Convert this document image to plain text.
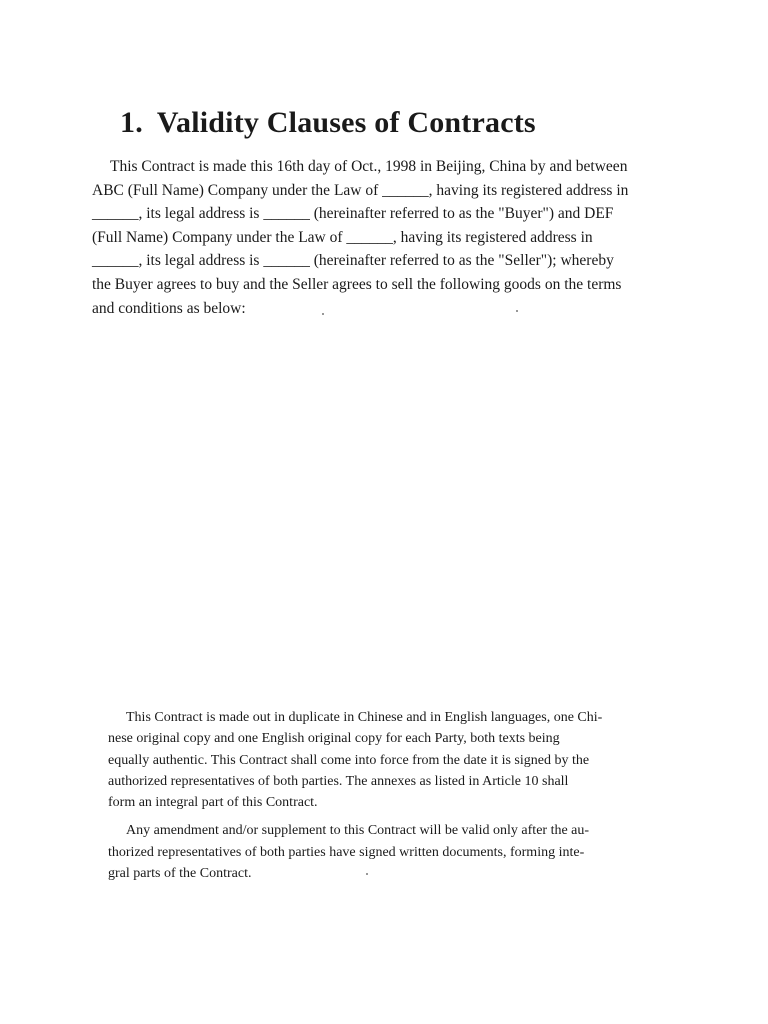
1. Validity Clauses of Contracts
This Contract is made this 16th day of Oct., 1998 in Beijing, China by and between
ABC (Full Name) Company under the Law of ______, having its registered address in
______, its legal address is ______ (hereinafter referred to as the "Buyer") and DEF
(Full Name) Company under the Law of ______, having its registered address in
______, its legal address is ______ (hereinafter referred to as the "Seller"); whereby
the Buyer agrees to buy and the Seller agrees to sell the following goods on the terms
and conditions as below:
This Contract is made out in duplicate in Chinese and in English languages, one Chi-
nese original copy and one English original copy for each Party, both texts being
equally authentic. This Contract shall come into force from the date it is signed by the
authorized representatives of both parties. The annexes as listed in Article 10 shall
form an integral part of this Contract.
Any amendment and/or supplement to this Contract will be valid only after the au-
thorized representatives of both parties have signed written documents, forming inte-
gral parts of the Contract.
